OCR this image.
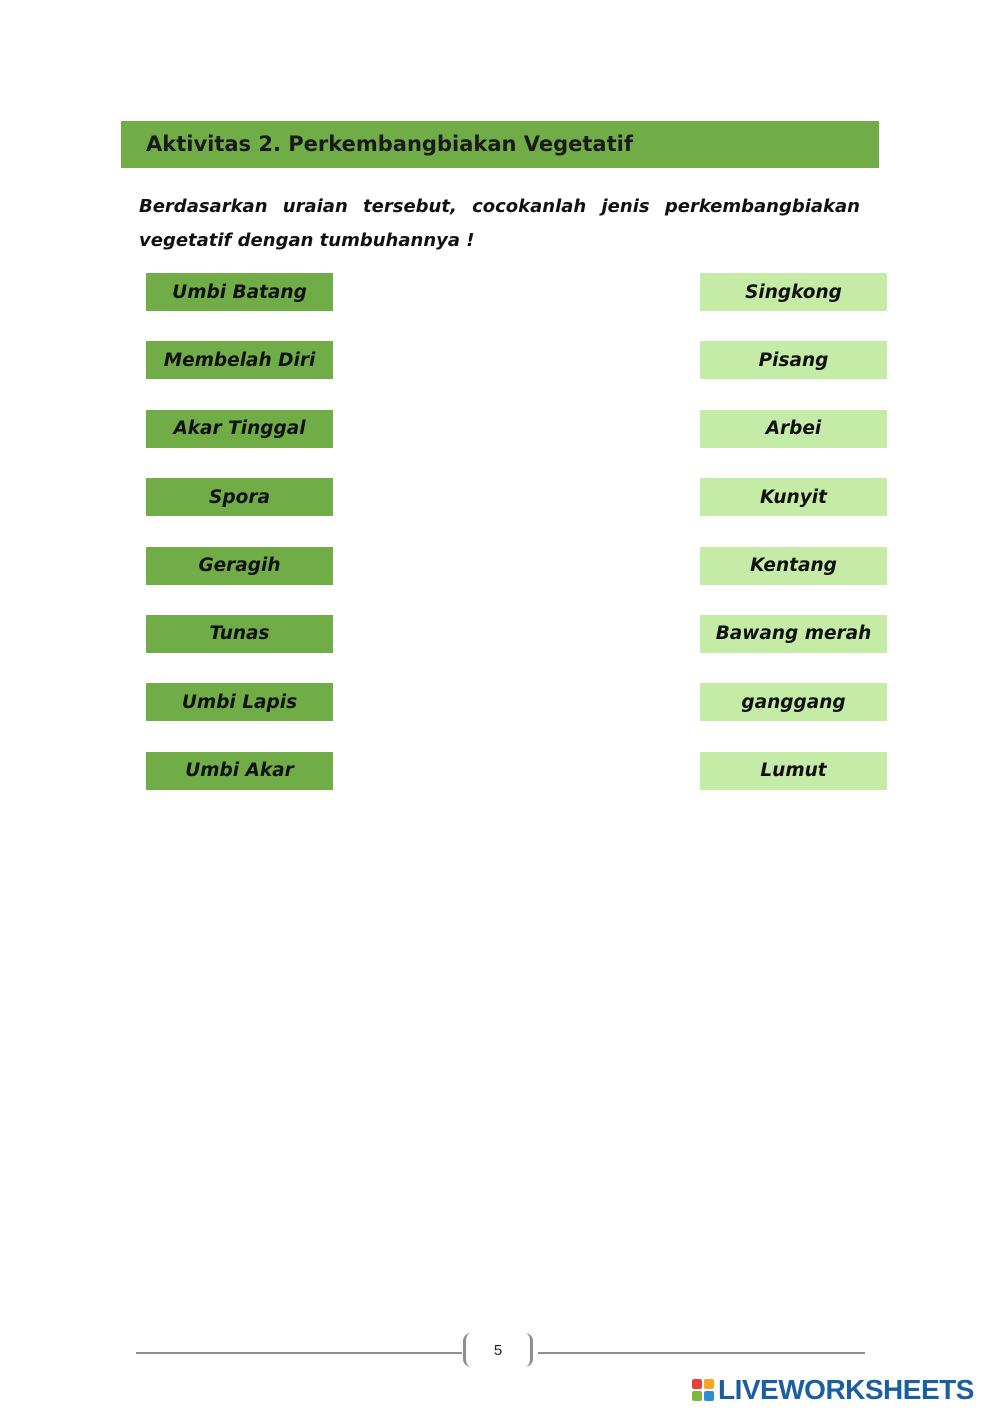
Aktivitas 2. Perkembangbiakan Vegetatif
Berdasarkan uraian tersebut, cocokanlah jenis perkembangbiakan vegetatif dengan tumbuhannya !
Umbi Batang
Membelah Diri
Akar Tinggal
Spora
Geragih
Tunas
Umbi Lapis
Umbi Akar
Singkong
Pisang
Arbei
Kunyit
Kentang
Bawang merah
ganggang
Lumut
5
LIVEWORKSHEETS
